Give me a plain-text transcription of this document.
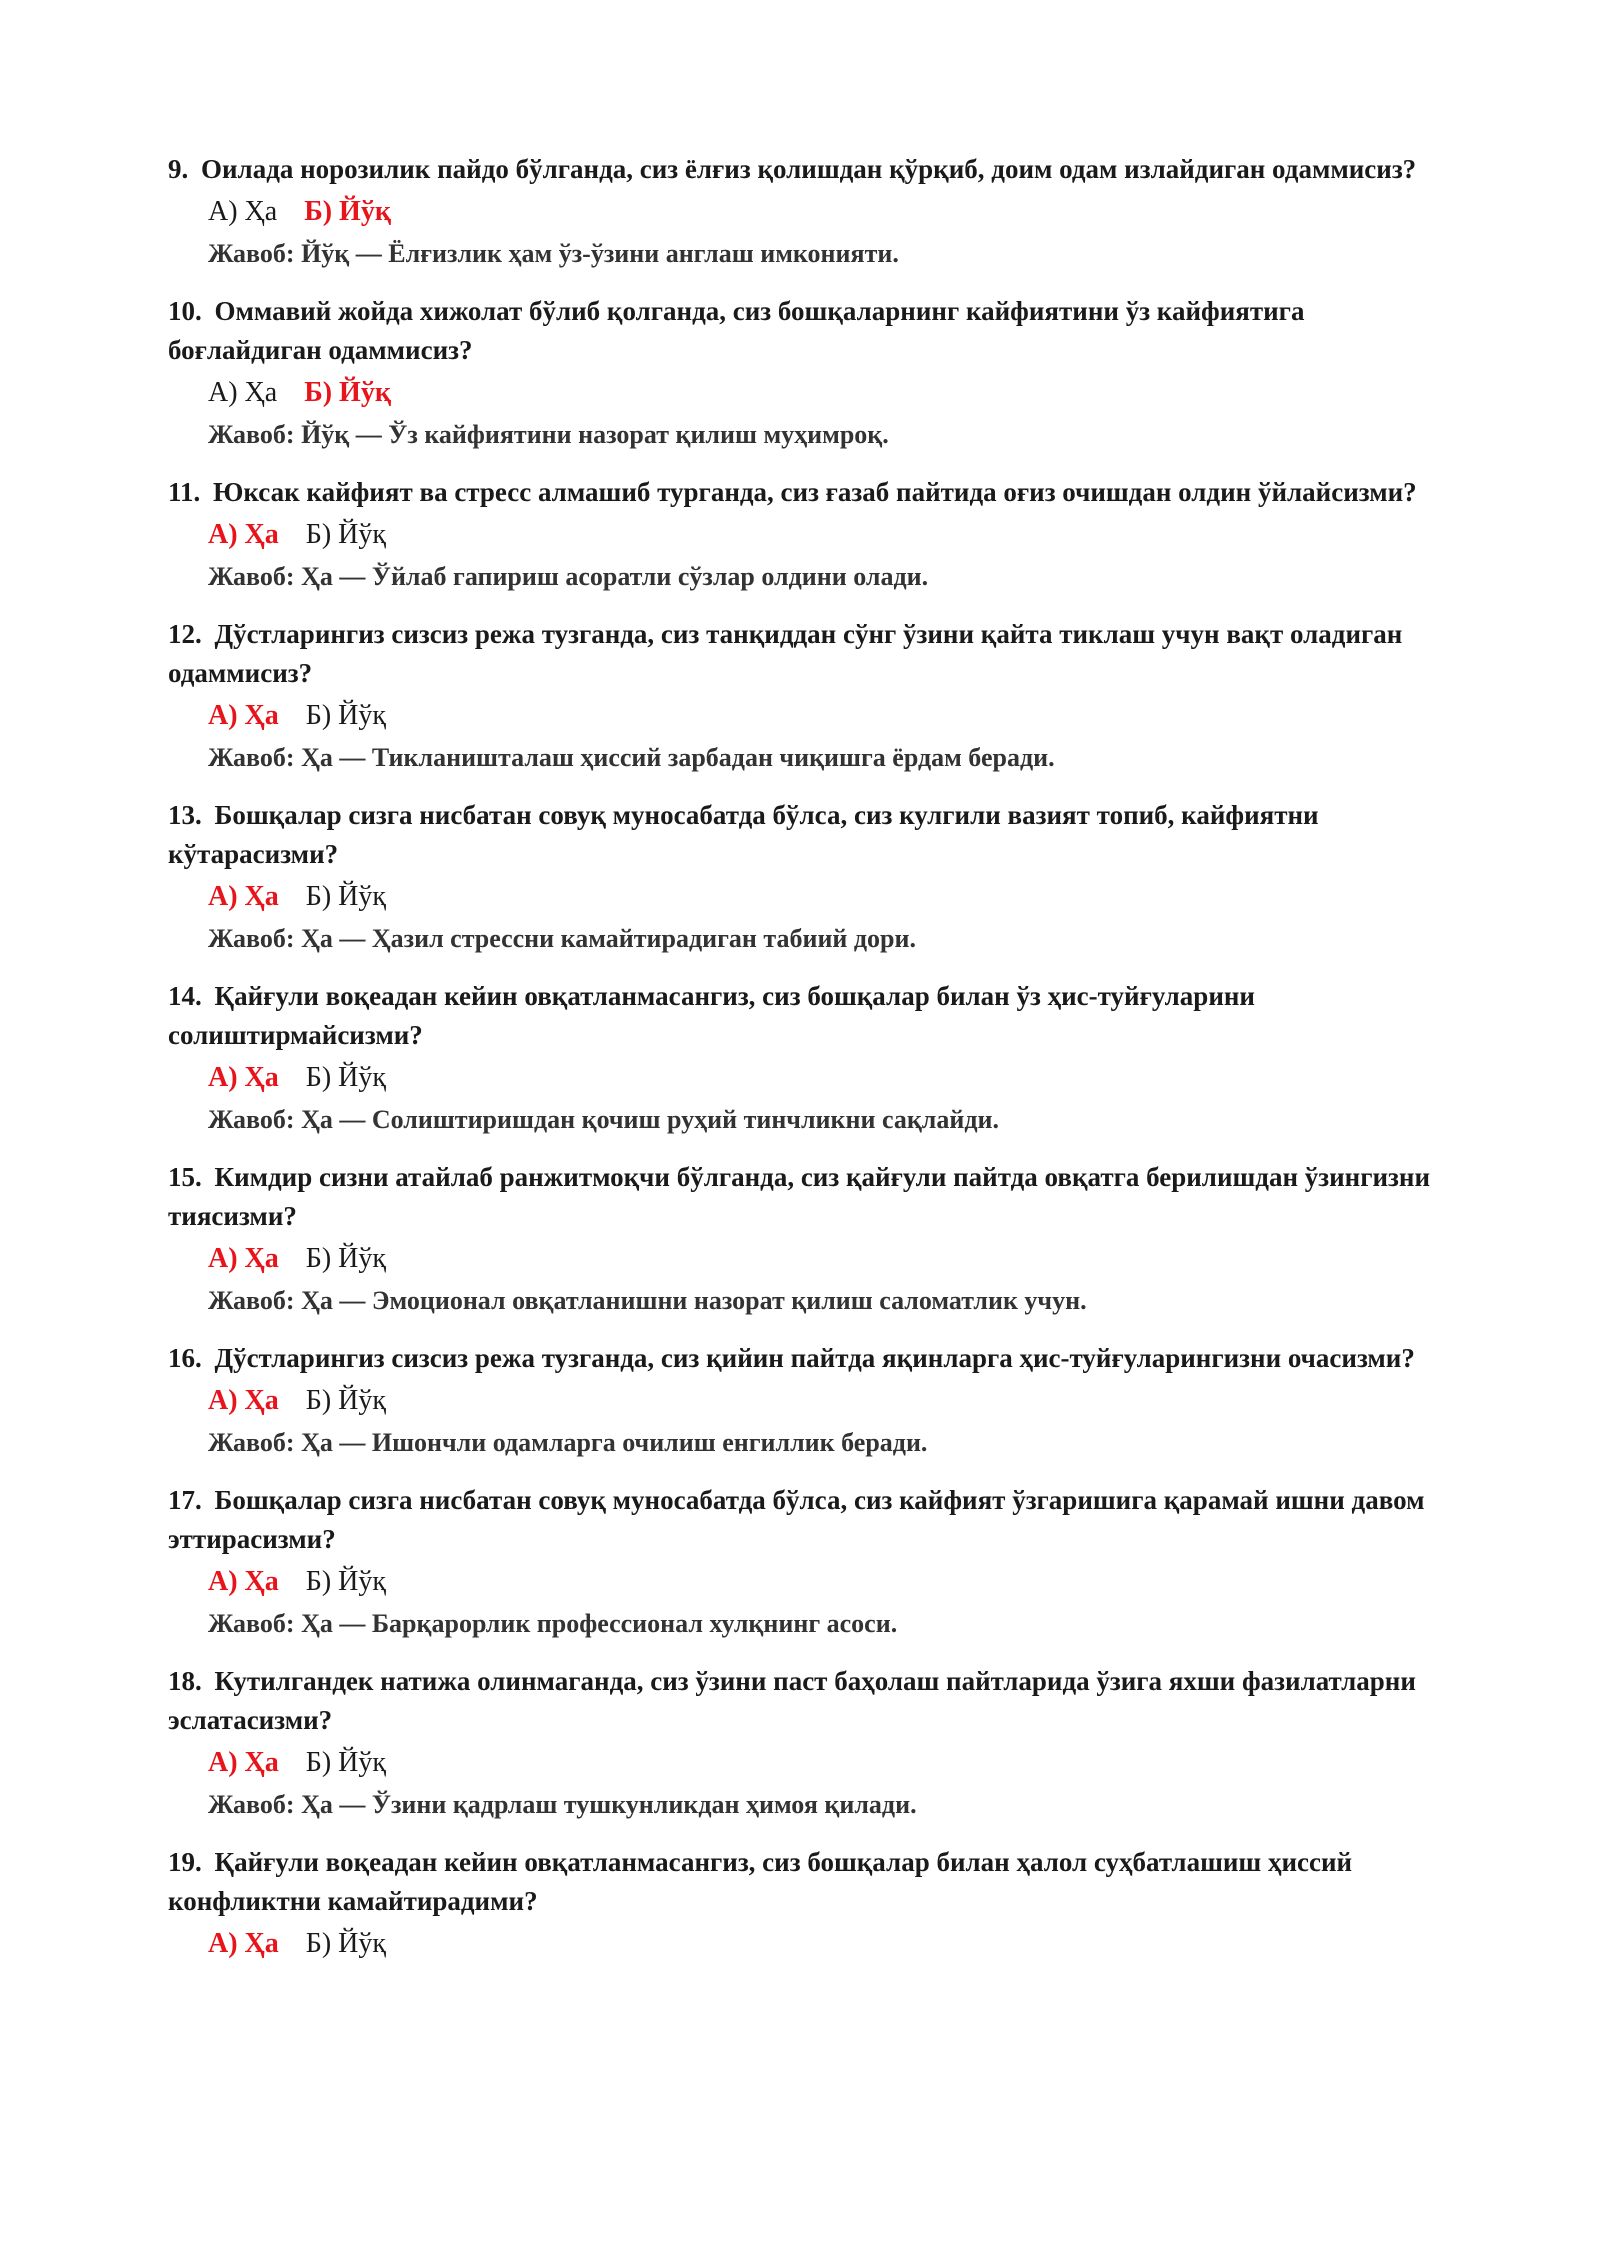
9. Оилада норозилик пайдо бўлганда, сиз ёлғиз қолишдан қўрқиб, доим одам излайдиган одаммисиз?

А) Ҳа Б) Йўқ
Жавоб: Йўқ — Ёлғизлик ҳам ўз-ўзини англаш имконияти.

10. Оммавий жойда хижолат бўлиб қолганда, сиз бошқаларнинг кайфиятини ўз кайфиятига боғлайдиган одаммисиз?

А) Ҳа Б) Йўқ
Жавоб: Йўқ — Ўз кайфиятини назорат қилиш муҳимроқ.

11. Юксак кайфият ва стресс алмашиб турганда, сиз ғазаб пайтида оғиз очишдан олдин ўйлайсизми?

А) Ҳа Б) Йўқ
Жавоб: Ҳа — Ўйлаб гапириш асоратли сўзлар олдини олади.

12. Дўстларингиз сизсиз режа тузганда, сиз танқиддан сўнг ўзини қайта тиклаш учун вақт оладиган одаммисиз?

А) Ҳа Б) Йўқ
Жавоб: Ҳа — Тикланишталаш ҳиссий зарбадан чиқишга ёрдам беради.

13. Бошқалар сизга нисбатан совуқ муносабатда бўлса, сиз кулгили вазият топиб, кайфиятни кўтарасизми?

А) Ҳа Б) Йўқ
Жавоб: Ҳа — Ҳазил стрессни камайтирадиган табиий дори.

14. Қайғули воқеадан кейин овқатланмасангиз, сиз бошқалар билан ўз ҳис-туйғуларини солиштирмайсизми?

А) Ҳа Б) Йўқ
Жавоб: Ҳа — Солиштиришдан қочиш руҳий тинчликни сақлайди.

15. Кимдир сизни атайлаб ранжитмоқчи бўлганда, сиз қайғули пайтда овқатга берилишдан ўзингизни тиясизми?

А) Ҳа Б) Йўқ
Жавоб: Ҳа — Эмоционал овқатланишни назорат қилиш саломатлик учун.

16. Дўстларингиз сизсиз режа тузганда, сиз қийин пайтда яқинларга ҳис-туйғуларингизни очасизми?

А) Ҳа Б) Йўқ
Жавоб: Ҳа — Ишончли одамларга очилиш енгиллик беради.

17. Бошқалар сизга нисбатан совуқ муносабатда бўлса, сиз кайфият ўзгаришига қарамай ишни давом эттирасизми?

А) Ҳа Б) Йўқ
Жавоб: Ҳа — Барқарорлик профессионал хулқнинг асоси.

18. Кутилгандек натижа олинмаганда, сиз ўзини паст баҳолаш пайтларида ўзига яхши фазилатларни эслатасизми?

А) Ҳа Б) Йўқ
Жавоб: Ҳа — Ўзини қадрлаш тушкунликдан ҳимоя қилади.

19. Қайғули воқеадан кейин овқатланмасангиз, сиз бошқалар билан ҳалол суҳбатлашиш ҳиссий конфликтни камайтирадими?

А) Ҳа Б) Йўқ
